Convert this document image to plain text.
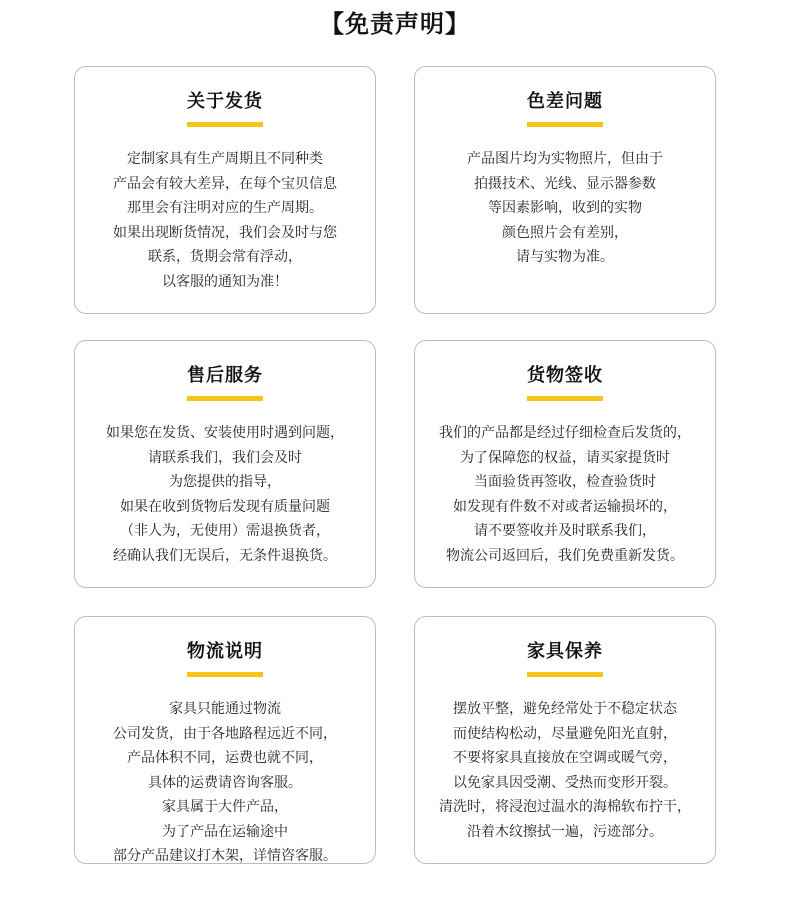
【免责声明】
关于发货
定制家具有生产周期且不同种类
产品会有较大差异，在每个宝贝信息
那里会有注明对应的生产周期。
如果出现断货情况，我们会及时与您
联系，货期会常有浮动，
以客服的通知为准！
色差问题
产品图片均为实物照片，但由于
拍摄技术、光线、显示器参数
等因素影响，收到的实物
颜色照片会有差别，
请与实物为准。
售后服务
如果您在发货、安装使用时遇到问题，
请联系我们，我们会及时
为您提供的指导，
如果在收到货物后发现有质量问题
（非人为，无使用）需退换货者，
经确认我们无误后，无条件退换货。
货物签收
我们的产品都是经过仔细检查后发货的，
为了保障您的权益，请买家提货时
当面验货再签收，检查验货时
如发现有件数不对或者运输损坏的，
请不要签收并及时联系我们，
物流公司返回后，我们免费重新发货。
物流说明
家具只能通过物流
公司发货，由于各地路程远近不同，
产品体积不同，运费也就不同，
具体的运费请咨询客服。
家具属于大件产品，
为了产品在运输途中
部分产品建议打木架，详情咨客服。
家具保养
摆放平整，避免经常处于不稳定状态
而使结构松动，尽量避免阳光直射，
不要将家具直接放在空调或暖气旁，
以免家具因受潮、受热而变形开裂。
清洗时，将浸泡过温水的海棉软布拧干，
沿着木纹擦拭一遍，污迹部分。
